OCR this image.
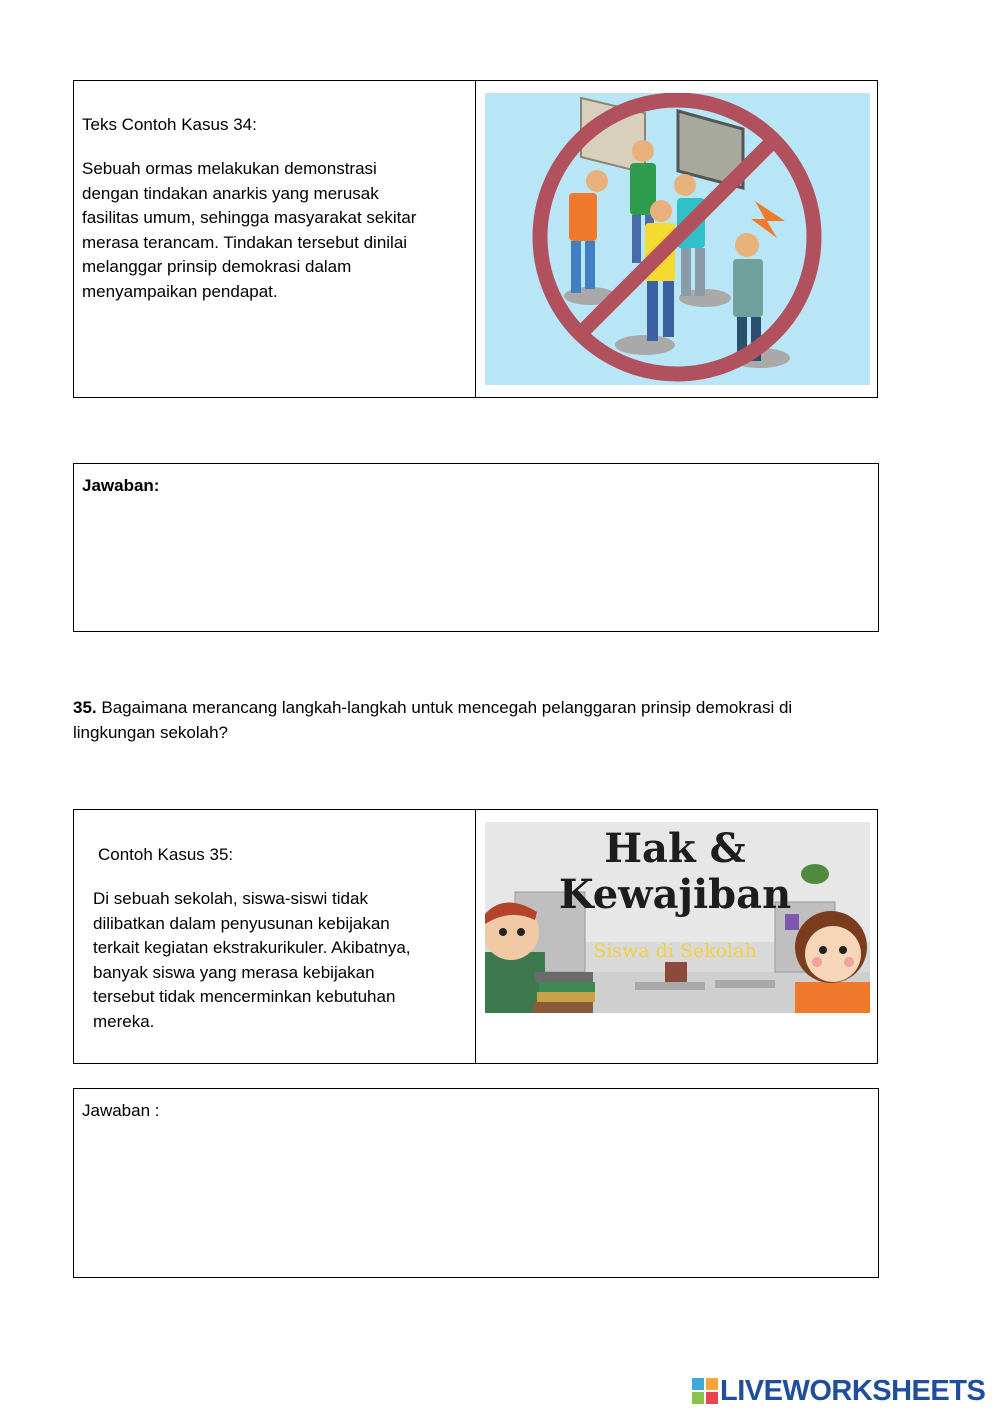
Teks Contoh Kasus 34:
Sebuah ormas melakukan demonstrasi
dengan tindakan anarkis yang merusak
fasilitas umum, sehingga masyarakat sekitar
merasa terancam. Tindakan tersebut dinilai
melanggar prinsip demokrasi dalam
menyampaikan pendapat.
Jawaban:
35. Bagaimana merancang langkah-langkah untuk mencegah pelanggaran prinsip demokrasi di
lingkungan sekolah?
Contoh Kasus 35:
Di sebuah sekolah, siswa-siswi tidak
dilibatkan dalam penyusunan kebijakan
terkait kegiatan ekstrakurikuler. Akibatnya,
banyak siswa yang merasa kebijakan
tersebut tidak mencerminkan kebutuhan
mereka.
Hak &
Kewajiban
Siswa di Sekolah
Jawaban :
LIVEWORKSHEETS
